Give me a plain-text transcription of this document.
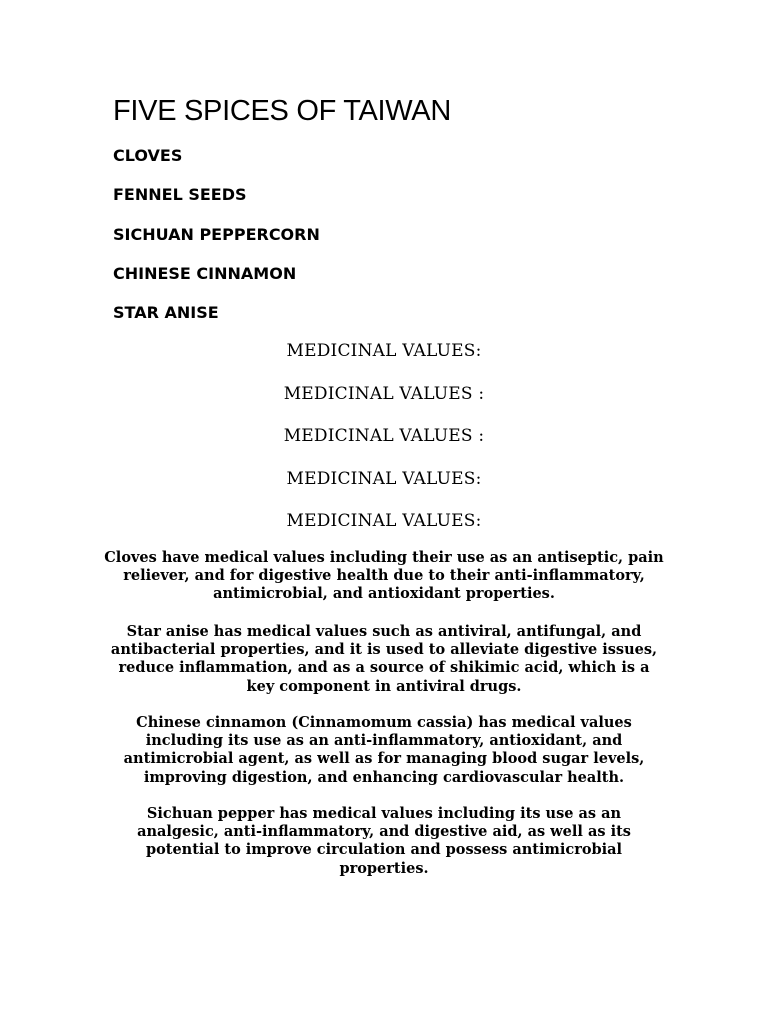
FIVE SPICES OF TAIWAN

CLOVES

FENNEL SEEDS

SICHUAN PEPPERCORN

CHINESE CINNAMON

STAR ANISE

MEDICINAL VALUES:

MEDICINAL VALUES :

MEDICINAL VALUES :

MEDICINAL VALUES:

MEDICINAL VALUES:

Cloves have medical values including their use as an antiseptic, pain reliever, and for digestive health due to their anti-inflammatory, antimicrobial, and antioxidant properties.

Star anise has medical values such as antiviral, antifungal, and antibacterial properties, and it is used to alleviate digestive issues, reduce inflammation, and as a source of shikimic acid, which is a key component in antiviral drugs.

Chinese cinnamon (Cinnamomum cassia) has medical values including its use as an anti-inflammatory, antioxidant, and antimicrobial agent, as well as for managing blood sugar levels, improving digestion, and enhancing cardiovascular health.

Sichuan pepper has medical values including its use as an analgesic, anti-inflammatory, and digestive aid, as well as its potential to improve circulation and possess antimicrobial properties.
